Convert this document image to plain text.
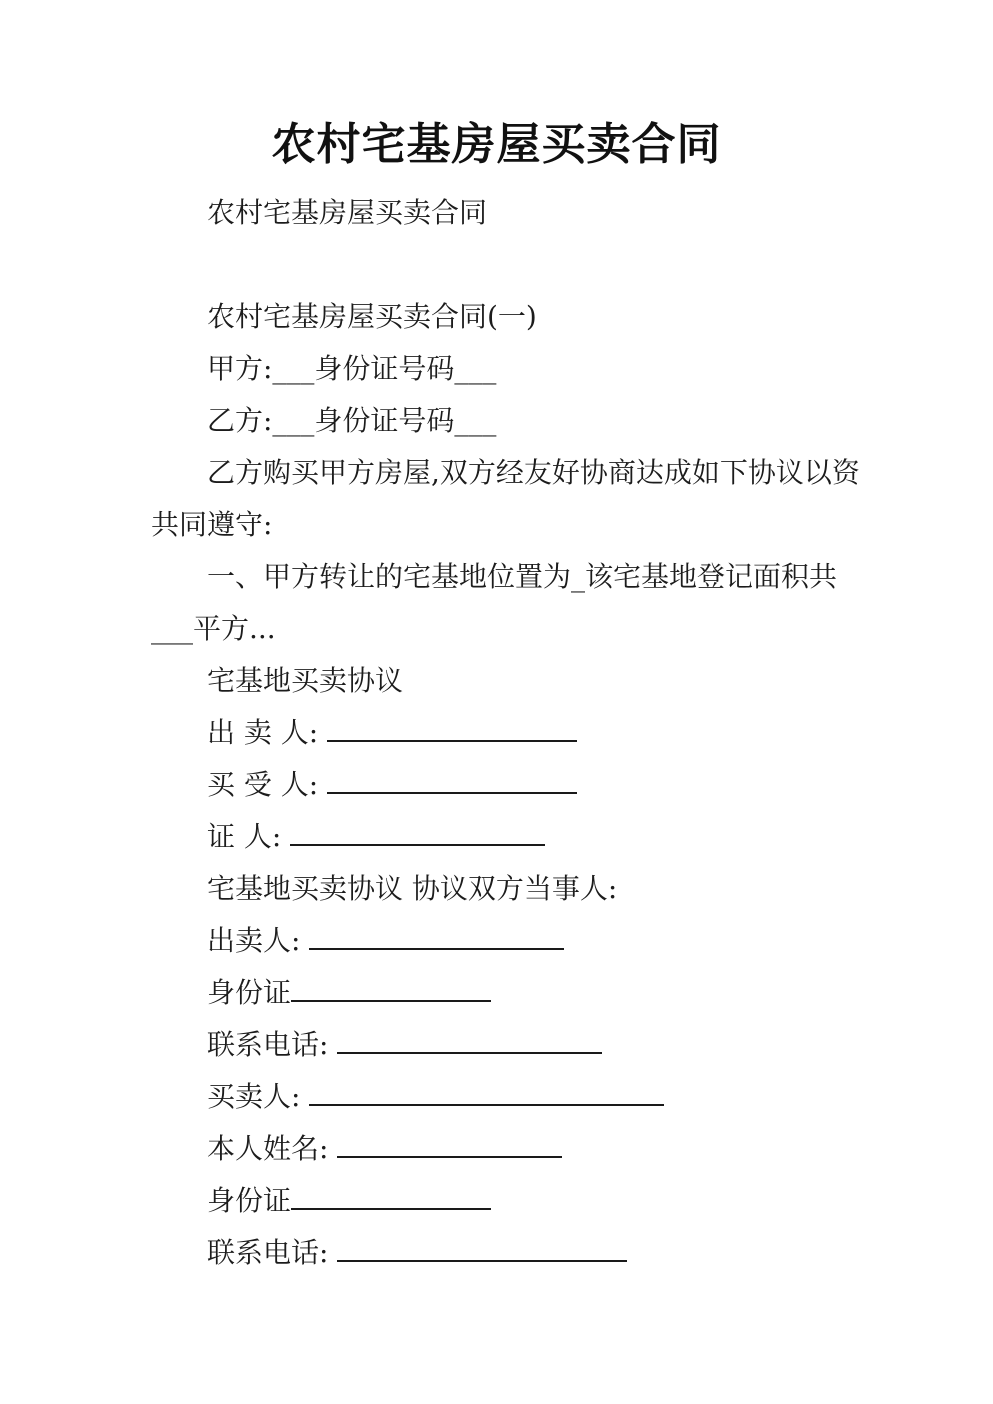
农村宅基房屋买卖合同
农村宅基房屋买卖合同

农村宅基房屋买卖合同(一)
甲方:___身份证号码___
乙方:___身份证号码___
乙方购买甲方房屋,双方经友好协商达成如下协议以资
共同遵守:
一、甲方转让的宅基地位置为_该宅基地登记面积共
___平方...
宅基地买卖协议
出 卖 人:
买 受 人:
证 人:
宅基地买卖协议 协议双方当事人:
出卖人:
身份证
联系电话:
买卖人:
本人姓名:
身份证
联系电话:
